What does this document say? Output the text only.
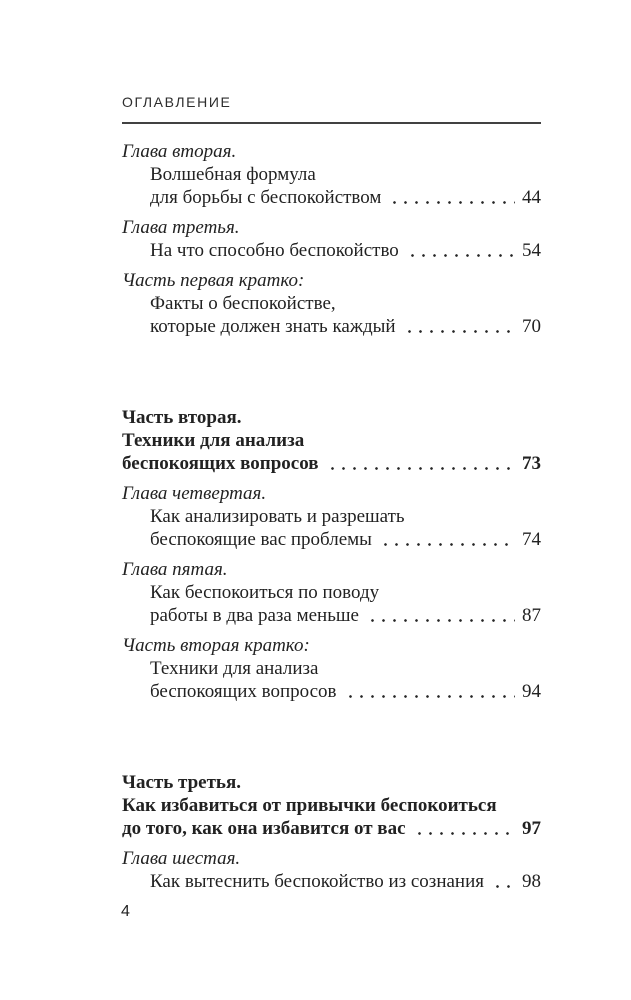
ОГЛАВЛЕНИЕ
Глава вторая.
Волшебная формула
для борьбы с беспокойством	44
Глава третья.
На что способно беспокойство	54
Часть первая кратко:
Факты о беспокойстве,
которые должен знать каждый	70
Часть вторая.
Техники для анализа
беспокоящих вопросов	73
Глава четвертая.
Как анализировать и разрешать
беспокоящие вас проблемы	74
Глава пятая.
Как беспокоиться по поводу
работы в два раза меньше	87
Часть вторая кратко:
Техники для анализа
беспокоящих вопросов	94
Часть третья.
Как избавиться от привычки беспокоиться
до того, как она избавится от вас	97
Глава шестая.
Как вытеснить беспокойство из сознания 98
4
